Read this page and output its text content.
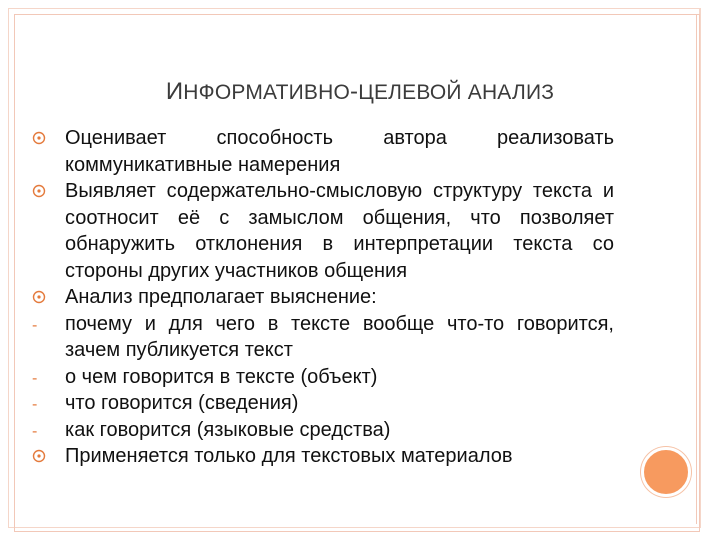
ИНФОРМАТИВНО-ЦЕЛЕВОЙ АНАЛИЗ
Оценивает способность автора реализовать коммуникативные намерения
Выявляет содержательно-смысловую структуру текста и соотносит её с замыслом общения, что позволяет обнаружить отклонения в интерпретации текста со стороны других участников общения
Анализ предполагает выяснение:
-	почему и для чего в тексте вообще что-то говорится, зачем публикуется текст
-	о чем говорится в тексте (объект)
-	что говорится (сведения)
-	как говорится (языковые средства)
Применяется только для текстовых материалов
